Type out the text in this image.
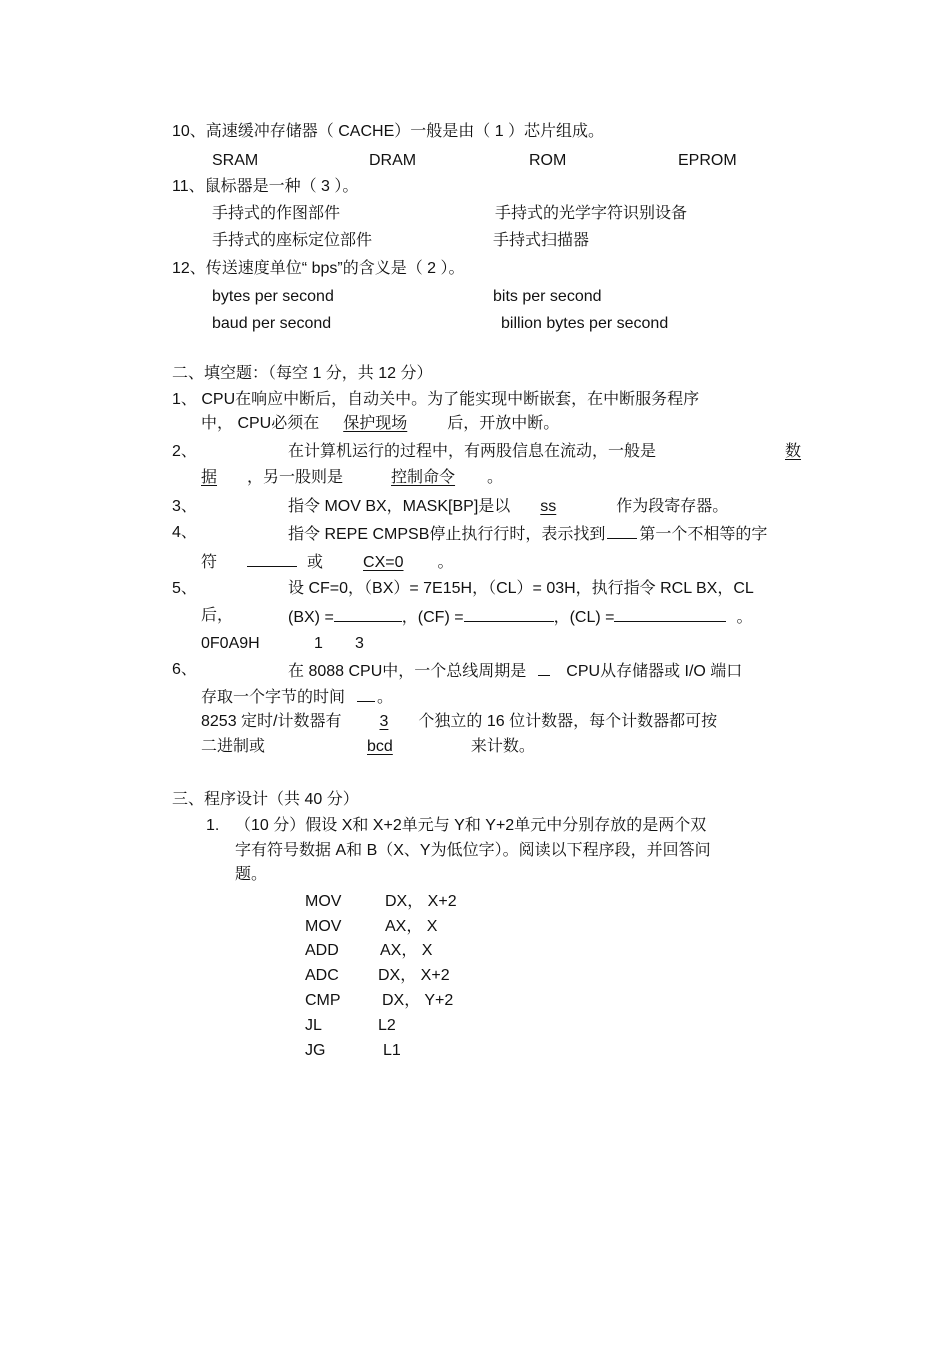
10、高速缓冲存储器（ CACHE）一般是由（ 1 ）芯片组成。
SRAM	DRAM	ROM	EPROM
11、鼠标器是一种（ 3 ）。
手持式的作图部件	手持式的光学字符识别设备
手持式的座标定位部件	手持式扫描器
12、传送速度单位“ bps”的含义是（ 2 ）。
bytes per second	bits per second
baud per second	billion bytes per second
二、填空题：（每空 1 分，共 12 分）
1、 CPU在响应中断后，自动关中。为了能实现中断嵌套，在中断服务程序
中， CPU必须在 保护现场	后，开放中断。
2、	在计算机运行的过程中，有两股信息在流动，一般是	数
据 ，另一股则是	控制命令 。
3、	指令 MOV BX，MASK[BP]是以 ss	作为段寄存器。
4、	指令 REPE CMPSB停止执行行时，表示找到 第一个不相等的字
符	或	CX=0 。
5、	设 CF=0，（BX）= 7E15H，（CL）= 03H，执行指令 RCL BX，CL
后，	(BX) =	，(CF) =	，(CL) =	。
0F0A9H	1 3
6、	在 8088 CPU中，一个总线周期是	CPU从存储器或 I/O 端口
存取一个字节的时间 。
8253 定时/计数器有 3 个独立的 16 位计数器，每个计数器都可按
二进制或	bcd	来计数。
三、程序设计（共 40 分）
1. （10 分）假设 X和 X+2单元与 Y和 Y+2单元中分别存放的是两个双
字有符号数据 A和 B（X、Y为低位字）。阅读以下程序段，并回答问
题。
MOV	DX， X+2
MOV	AX， X
ADD	AX， X
ADC DX， X+2
CMP	DX， Y+2
JL	L2
JG	L1
